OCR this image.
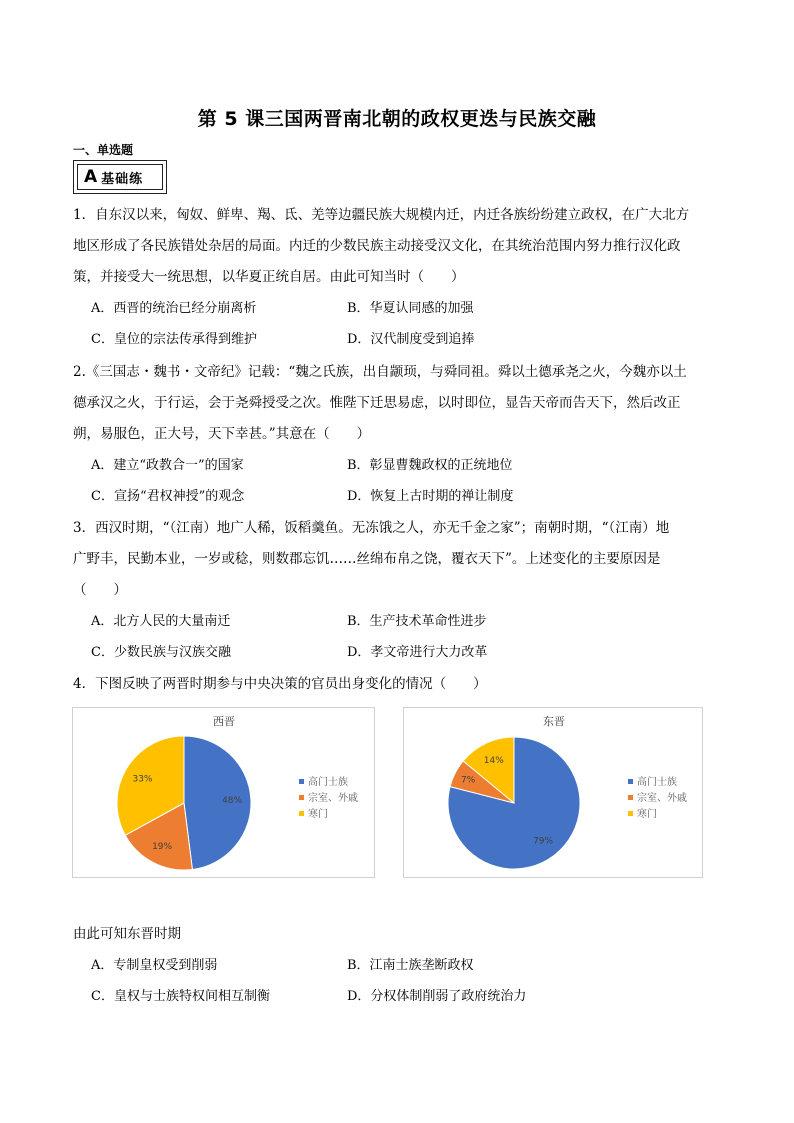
第 5 课三国两晋南北朝的政权更迭与民族交融
一、单选题
A 基础练
1．自东汉以来，匈奴、鲜卑、羯、氐、羌等边疆民族大规模内迁，内迁各族纷纷建立政权，在广大北方
地区形成了各民族错处杂居的局面。内迁的少数民族主动接受汉文化，在其统治范围内努力推行汉化政
策，并接受大一统思想，以华夏正统自居。由此可知当时（　　）
A．西晋的统治已经分崩离析	B．华夏认同感的加强
C．皇位的宗法传承得到维护	D．汉代制度受到追捧
2.《三国志・魏书・文帝纪》记载：“魏之氏族，出自颛顼，与舜同祖。舜以土德承尧之火，今魏亦以土
德承汉之火，于行运，会于尧舜授受之次。惟陛下迁思易虑，以时即位，显告天帝而告天下，然后改正
朔，易服色，正大号，天下幸甚。”其意在（　　）
A．建立“政教合一”的国家	B．彰显曹魏政权的正统地位
C．宣扬“君权神授”的观念	D．恢复上古时期的禅让制度
3．西汉时期，“（江南）地广人稀，饭稻羹鱼。无冻饿之人，亦无千金之家”；南朝时期，“（江南）地
广野丰，民勤本业，一岁或稔，则数郡忘饥……丝绵布帛之饶，覆衣天下”。上述变化的主要原因是
（　　）
A．北方人民的大量南迁	B．生产技术革命性进步
C．少数民族与汉族交融	D．孝文帝进行大力改革
4．下图反映了两晋时期参与中央决策的官员出身变化的情况（　　）
西晋
48%
19%
33%	高门士族
宗室、外戚
寒门
东晋
79%
7%
14%
高门士族
宗室、外戚
寒门
由此可知东晋时期
A．专制皇权受到削弱	B．江南士族垄断政权
C．皇权与士族特权间相互制衡	D．分权体制削弱了政府统治力
